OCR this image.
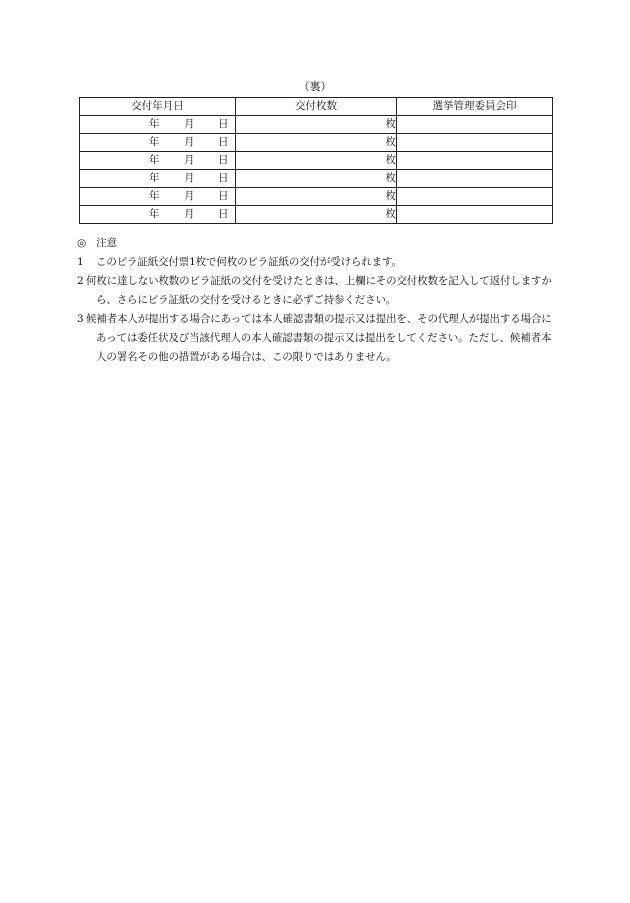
（裏）
交付年月日	交付枚数	選挙管理委員会印

年 月 日	枚	

年 月 日	枚	

年 月 日	枚	

年 月 日	枚	

年 月 日	枚	

年 月 日	枚	
◎ 注意
1	このビラ証紙交付票1枚で何枚のビラ証紙の交付が受けられます。
2 何枚に達しない枚数のビラ証紙の交付を受けたときは、上欄にその交付枚数を記入して返付しますから、さらにビラ証紙の交付を受けるときに必ずご持参ください。
3 候補者本人が提出する場合にあっては本人確認書類の提示又は提出を、その代理人が提出する場合にあっては委任状及び当該代理人の本人確認書類の提示又は提出をしてください。ただし、候補者本人の署名その他の措置がある場合は、この限りではありません。
